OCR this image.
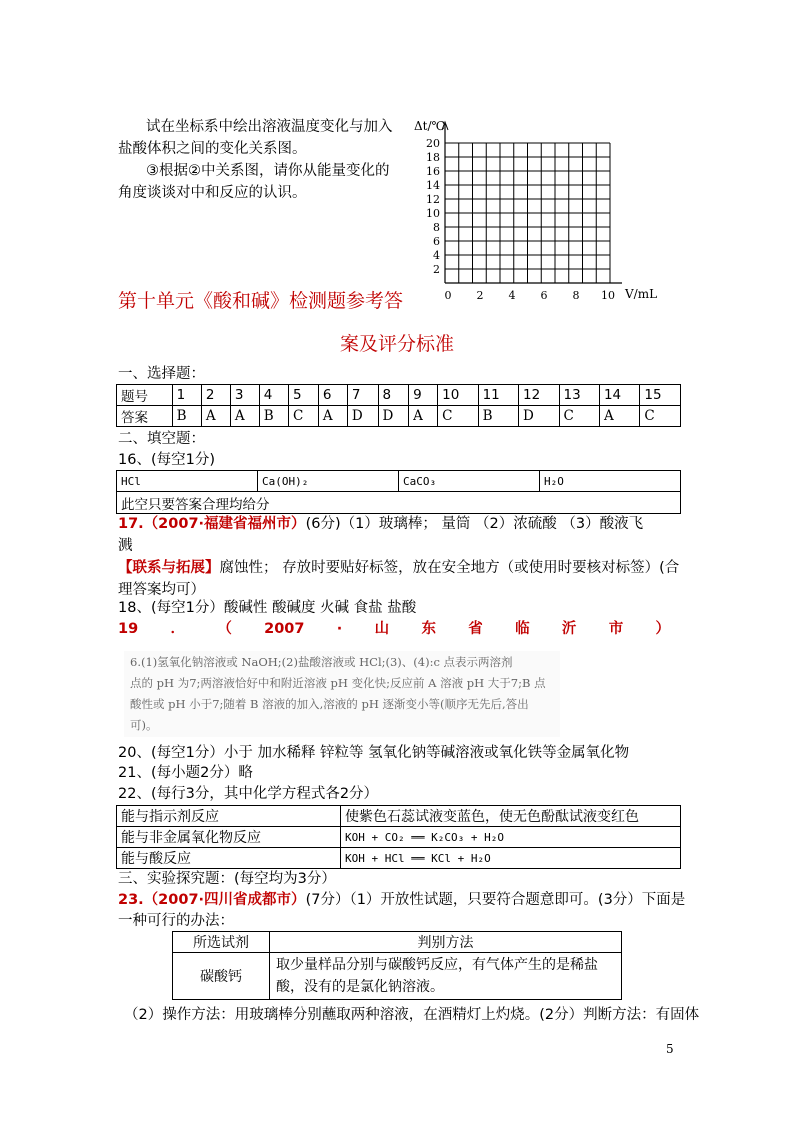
试在坐标系中绘出溶液温度变化与加入
盐酸体积之间的变化关系图。
③根据②中关系图，请你从能量变化的
角度谈谈对中和反应的认识。
Δt/℃
V/mL
20
18
16
14
12
10
8
6
4
2
0 2 4 6 8 10
第十单元《酸和碱》检测题参考答
案及评分标准
一、选择题：
题号	1	2	3	4	5	6	7	8	9	10	11	12	13	14	15
答案	B	A	A	B	C	A	D	D	A	C	B	D	C	A	C
二、填空题：
16、(每空1分)
HCl	Ca(OH)₂	CaCO₃	H₂O
此空只要答案合理均给分
17.（2007·福建省福州市）(6分)（1）玻璃棒； 量筒 （2）浓硫酸 （3）酸液飞
溅
【联系与拓展】腐蚀性； 存放时要贴好标签，放在安全地方（或使用时要核对标签）(合
理答案均可）
18、(每空1分）酸碱性 酸碱度 火碱 食盐 盐酸
19 ． （ 2007 · 山 东 省 临 沂 市 ）
6.(1)氢氧化钠溶液或 NaOH;(2)盐酸溶液或 HCl;(3)、(4):c 点表示两溶剂
点的 pH 为7;两溶液恰好中和附近溶液 pH 变化快;反应前 A 溶液 pH 大于7;B 点
酸性或 pH 小于7;随着 B 溶液的加入,溶液的 pH 逐渐变小等(顺序无先后,答出
可)。
20、(每空1分）小于 加水稀释 锌粒等 氢氧化钠等碱溶液或氧化铁等金属氧化物
21、(每小题2分）略
22、(每行3分，其中化学方程式各2分）
能与指示剂反应	使紫色石蕊试液变蓝色，使无色酚酞试液变红色
能与非金属氧化物反应	KOH + CO₂ ══ K₂CO₃ + H₂O
能与酸反应	KOH + HCl ══ KCl + H₂O
三、实验探究题：(每空均为3分）
23.（2007·四川省成都市）(7分）（1）开放性试题，只要符合题意即可。(3分）下面是
一种可行的办法：
所选试剂	判别方法
碳酸钙	取少量样品分别与碳酸钙反应，有气体产生的是稀盐
酸，没有的是氯化钠溶液。
（2）操作方法：用玻璃棒分别蘸取两种溶液，在酒精灯上灼烧。(2分）判断方法：有固体
5
